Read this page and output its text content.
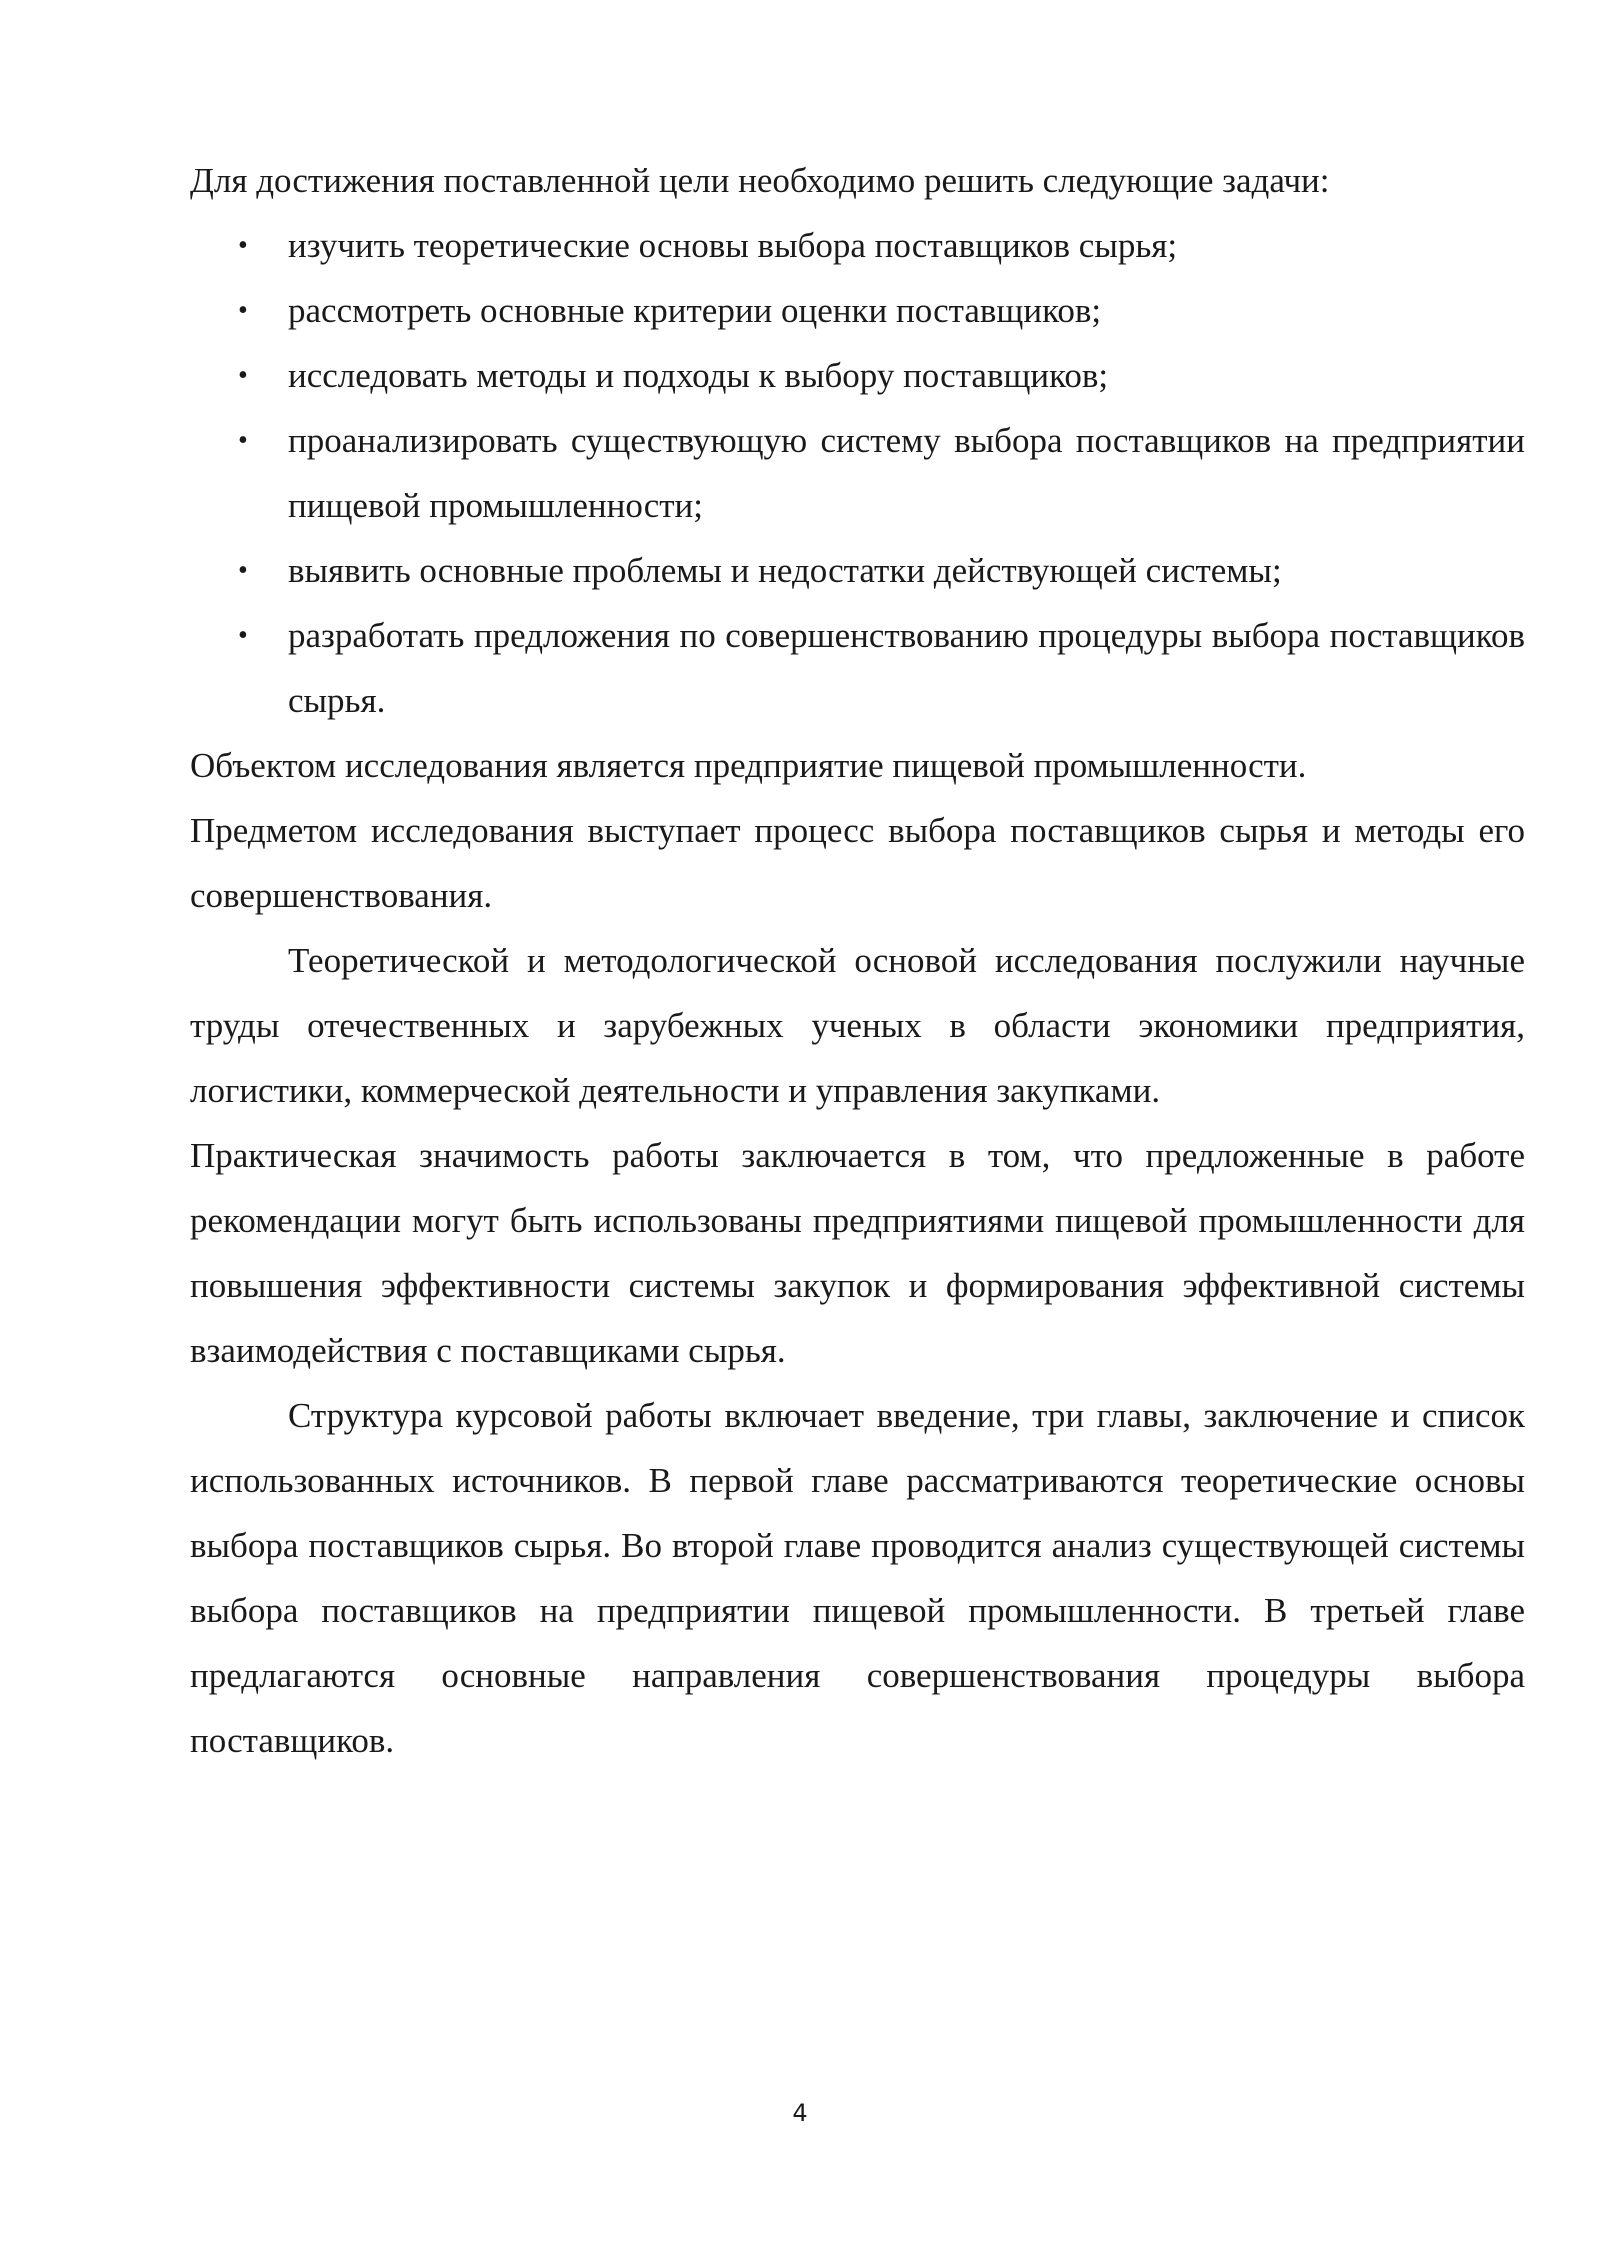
Для достижения поставленной цели необходимо решить следующие задачи:

• изучить теоретические основы выбора поставщиков сырья;
• рассмотреть основные критерии оценки поставщиков;
• исследовать методы и подходы к выбору поставщиков;
• проанализировать существующую систему выбора поставщиков на предприятии пищевой промышленности;
• выявить основные проблемы и недостатки действующей системы;
• разработать предложения по совершенствованию процедуры выбора поставщиков сырья.

Объектом исследования является предприятие пищевой промышленности.

Предметом исследования выступает процесс выбора поставщиков сырья и методы его совершенствования.

Теоретической и методологической основой исследования послужили научные труды отечественных и зарубежных ученых в области экономики предприятия, логистики, коммерческой деятельности и управления закупками.

Практическая значимость работы заключается в том, что предложенные в работе рекомендации могут быть использованы предприятиями пищевой промышленности для повышения эффективности системы закупок и формирования эффективной системы взаимодействия с поставщиками сырья.

Структура курсовой работы включает введение, три главы, заключение и список использованных источников. В первой главе рассматриваются теоретические основы выбора поставщиков сырья. Во второй главе проводится анализ существующей системы выбора поставщиков на предприятии пищевой промышленности. В третьей главе предлагаются основные направления совершенствования процедуры выбора поставщиков.

4
